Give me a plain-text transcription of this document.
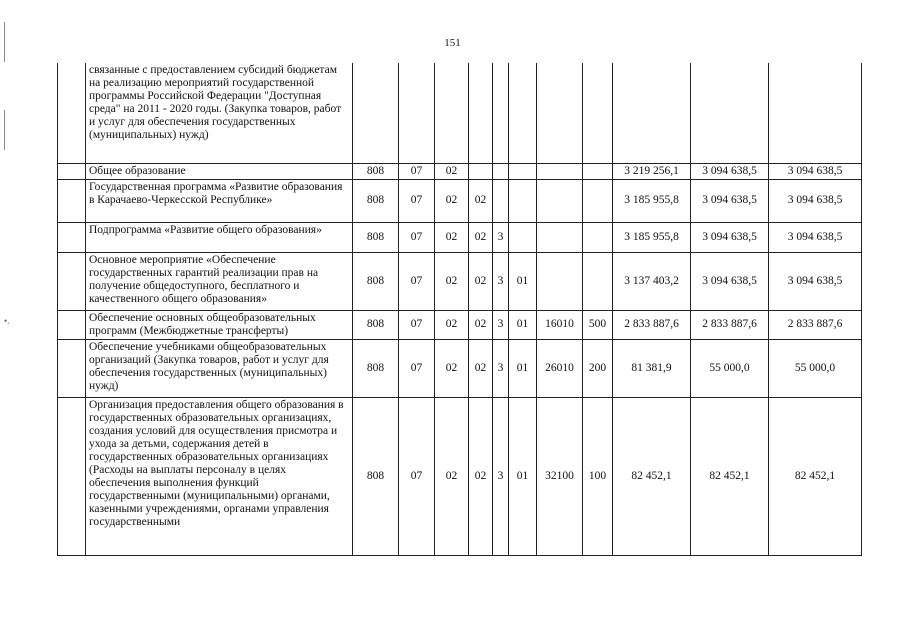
151
	связанные с предоставлением субсидий бюджетам на реализацию мероприятий государственной программы Российской Федерации "Доступная среда" на 2011 - 2020 годы. (Закупка товаров, работ и услуг для обеспечения государственных (муниципальных) нужд)											
	Общее образование	808	07	02						3 219 256,1	3 094 638,5	3 094 638,5
	Государственная программа «Развитие образования в Карачаево-Черкесской Республике»	808	07	02	02					3 185 955,8	3 094 638,5	3 094 638,5
	Подпрограмма «Развитие общего образования»	808	07	02	02	3				3 185 955,8	3 094 638,5	3 094 638,5
	Основное мероприятие «Обеспечение государственных гарантий реализации прав на получение общедоступного, бесплатного и качественного общего образования»	808	07	02	02	3	01			3 137 403,2	3 094 638,5	3 094 638,5
	Обеспечение основных общеобразовательных программ (Межбюджетные трансферты)	808	07	02	02	3	01	16010	500	2 833 887,6	2 833 887,6	2 833 887,6
	Обеспечение учебниками общеобразовательных организаций (Закупка товаров, работ и услуг для обеспечения государственных (муниципальных) нужд)	808	07	02	02	3	01	26010	200	81 381,9	55 000,0	55 000,0
	Организация предоставления общего образования в государственных образовательных организациях, создания условий для осуществления присмотра и ухода за детьми, содержания детей в государственных образовательных организациях (Расходы на выплаты персоналу в целях обеспечения выполнения функций государственными (муниципальными) органами, казенными учреждениями, органами управления государственными	808	07	02	02	3	01	32100	100	82 452,1	82 452,1	82 452,1
•.
